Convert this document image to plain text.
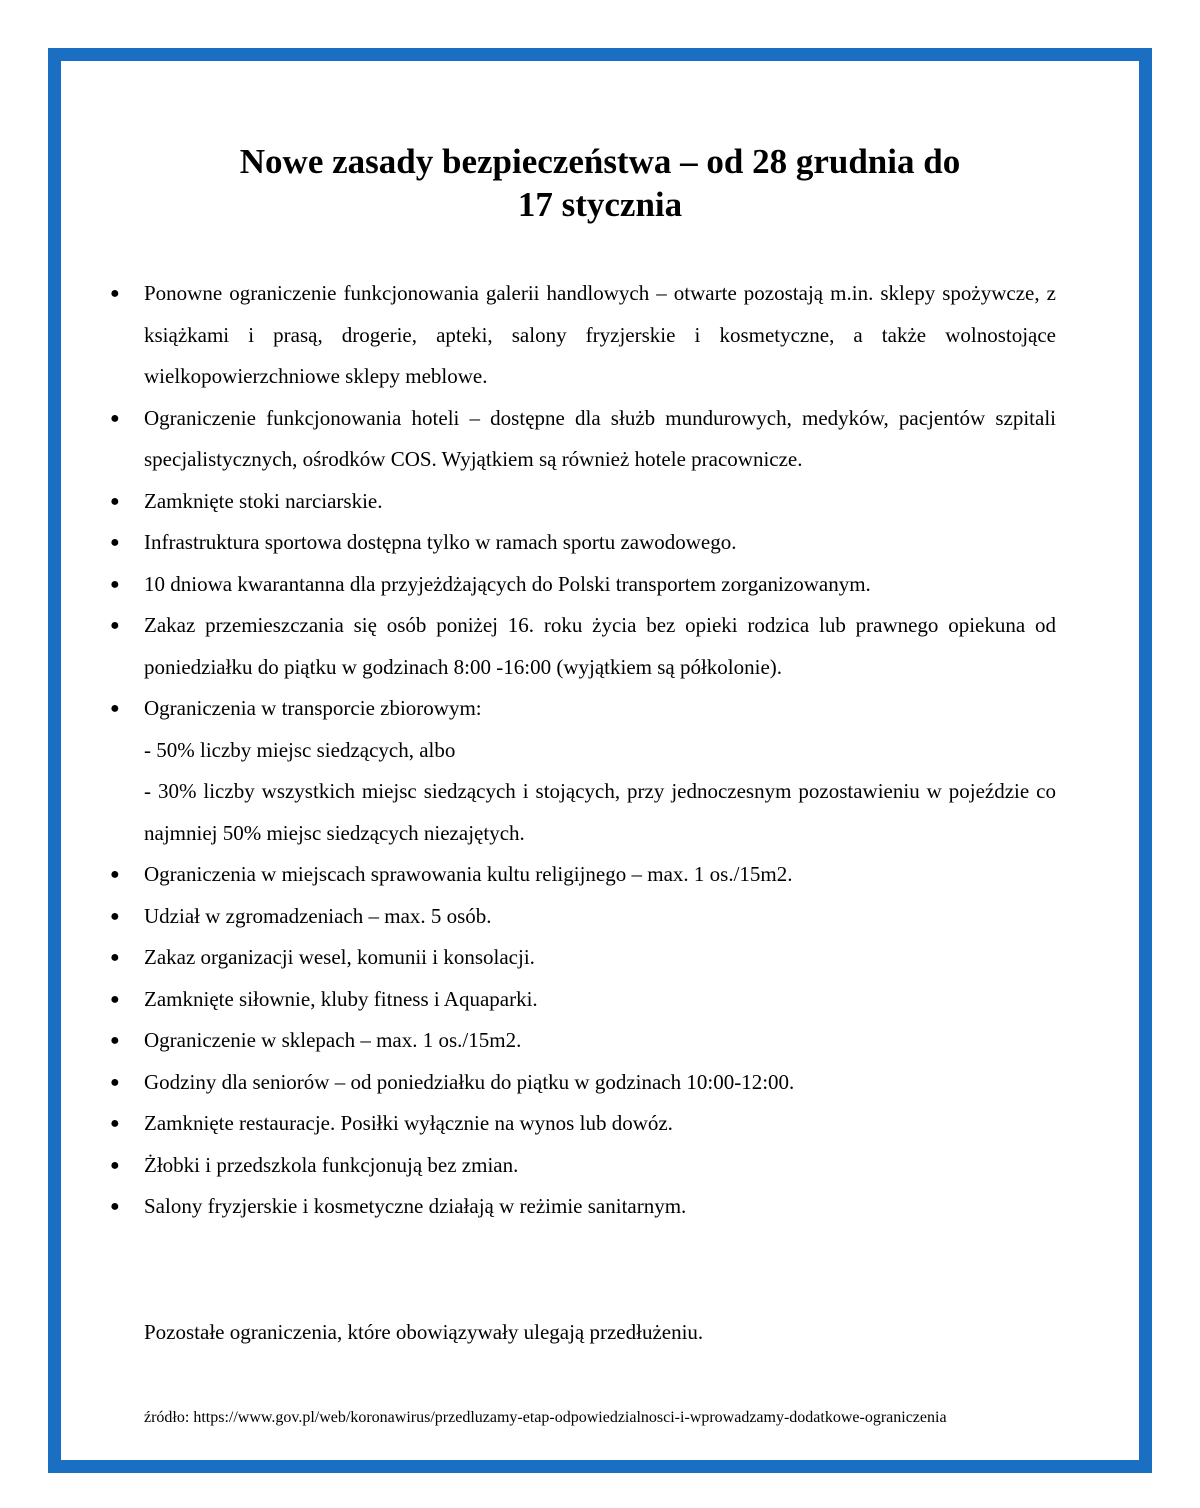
Nowe zasady bezpieczeństwa – od 28 grudnia do
17 stycznia
● Ponowne ograniczenie funkcjonowania galerii handlowych – otwarte pozostają m.in. sklepy spożywcze, z książkami i prasą, drogerie, apteki, salony fryzjerskie i kosmetyczne, a także wolnostojące wielkopowierzchniowe sklepy meblowe.
● Ograniczenie funkcjonowania hoteli – dostępne dla służb mundurowych, medyków, pacjentów szpitali specjalistycznych, ośrodków COS. Wyjątkiem są również hotele pracownicze.
● Zamknięte stoki narciarskie.
● Infrastruktura sportowa dostępna tylko w ramach sportu zawodowego.
● 10 dniowa kwarantanna dla przyjeżdżających do Polski transportem zorganizowanym.
● Zakaz przemieszczania się osób poniżej 16. roku życia bez opieki rodzica lub prawnego opiekuna od poniedziałku do piątku w godzinach 8:00 -16:00 (wyjątkiem są półkolonie).
● Ograniczenia w transporcie zbiorowym:
- 50% liczby miejsc siedzących, albo
- 30% liczby wszystkich miejsc siedzących i stojących, przy jednoczesnym pozostawieniu w pojeździe co najmniej 50% miejsc siedzących niezajętych.
● Ograniczenia w miejscach sprawowania kultu religijnego – max. 1 os./15m2.
● Udział w zgromadzeniach – max. 5 osób.
● Zakaz organizacji wesel, komunii i konsolacji.
● Zamknięte siłownie, kluby fitness i Aquaparki.
● Ograniczenie w sklepach – max. 1 os./15m2.
● Godziny dla seniorów – od poniedziałku do piątku w godzinach 10:00-12:00.
● Zamknięte restauracje. Posiłki wyłącznie na wynos lub dowóz.
● Żłobki i przedszkola funkcjonują bez zmian.
● Salony fryzjerskie i kosmetyczne działają w reżimie sanitarnym.

Pozostałe ograniczenia, które obowiązywały ulegają przedłużeniu.

źródło: https://www.gov.pl/web/koronawirus/przedluzamy-etap-odpowiedzialnosci-i-wprowadzamy-dodatkowe-ograniczenia
